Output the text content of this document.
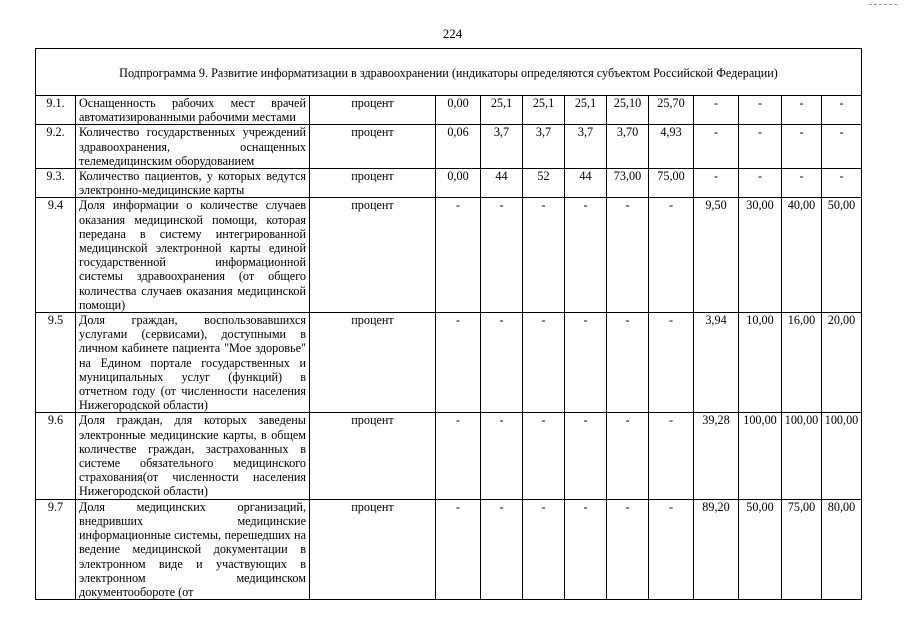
224
Подпрограмма 9. Развитие информатизации в здравоохранении (индикаторы определяются субъектом Российской Федерации)												
9.1.	Оснащенность рабочих мест врачей автоматизированными рабочими местами	процент	0,00	25,1	25,1	25,1	25,10	25,70	-	-	-	-
9.2.	Количество государственных учреждений здравоохранения, оснащенных телемедицинским оборудованием	процент	0,06	3,7	3,7	3,7	3,70	4,93	-	-	-	-
9.3.	Количество пациентов, у которых ведутся электронно-медицинские карты	процент	0,00	44	52	44	73,00	75,00	-	-	-	-
9.4	Доля информации о количестве случаев оказания медицинской помощи, которая передана в систему интегрированной медицинской электронной карты единой государственной информационной системы здравоохранения (от общего количества случаев оказания медицинской помощи)	процент	-	-	-	-	-	-	9,50	30,00	40,00	50,00
9.5	Доля граждан, воспользовавшихся услугами (сервисами), доступными в личном кабинете пациента "Мое здоровье" на Едином портале государственных и муниципальных услуг (функций) в отчетном году (от численности населения Нижегородской области)	процент	-	-	-	-	-	-	3,94	10,00	16,00	20,00
9.6	Доля граждан, для которых заведены электронные медицинские карты, в общем количестве граждан, застрахованных в системе обязательного медицинского страхования(от численности населения Нижегородской области)	процент	-	-	-	-	-	-	39,28	100,00	100,00	100,00
9.7	Доля медицинских организаций, внедривших медицинские информационные системы, перешедших на ведение медицинской документации в электронном виде и участвующих в электронном медицинском документообороте (от	процент	-	-	-	-	-	-	89,20	50,00	75,00	80,00
